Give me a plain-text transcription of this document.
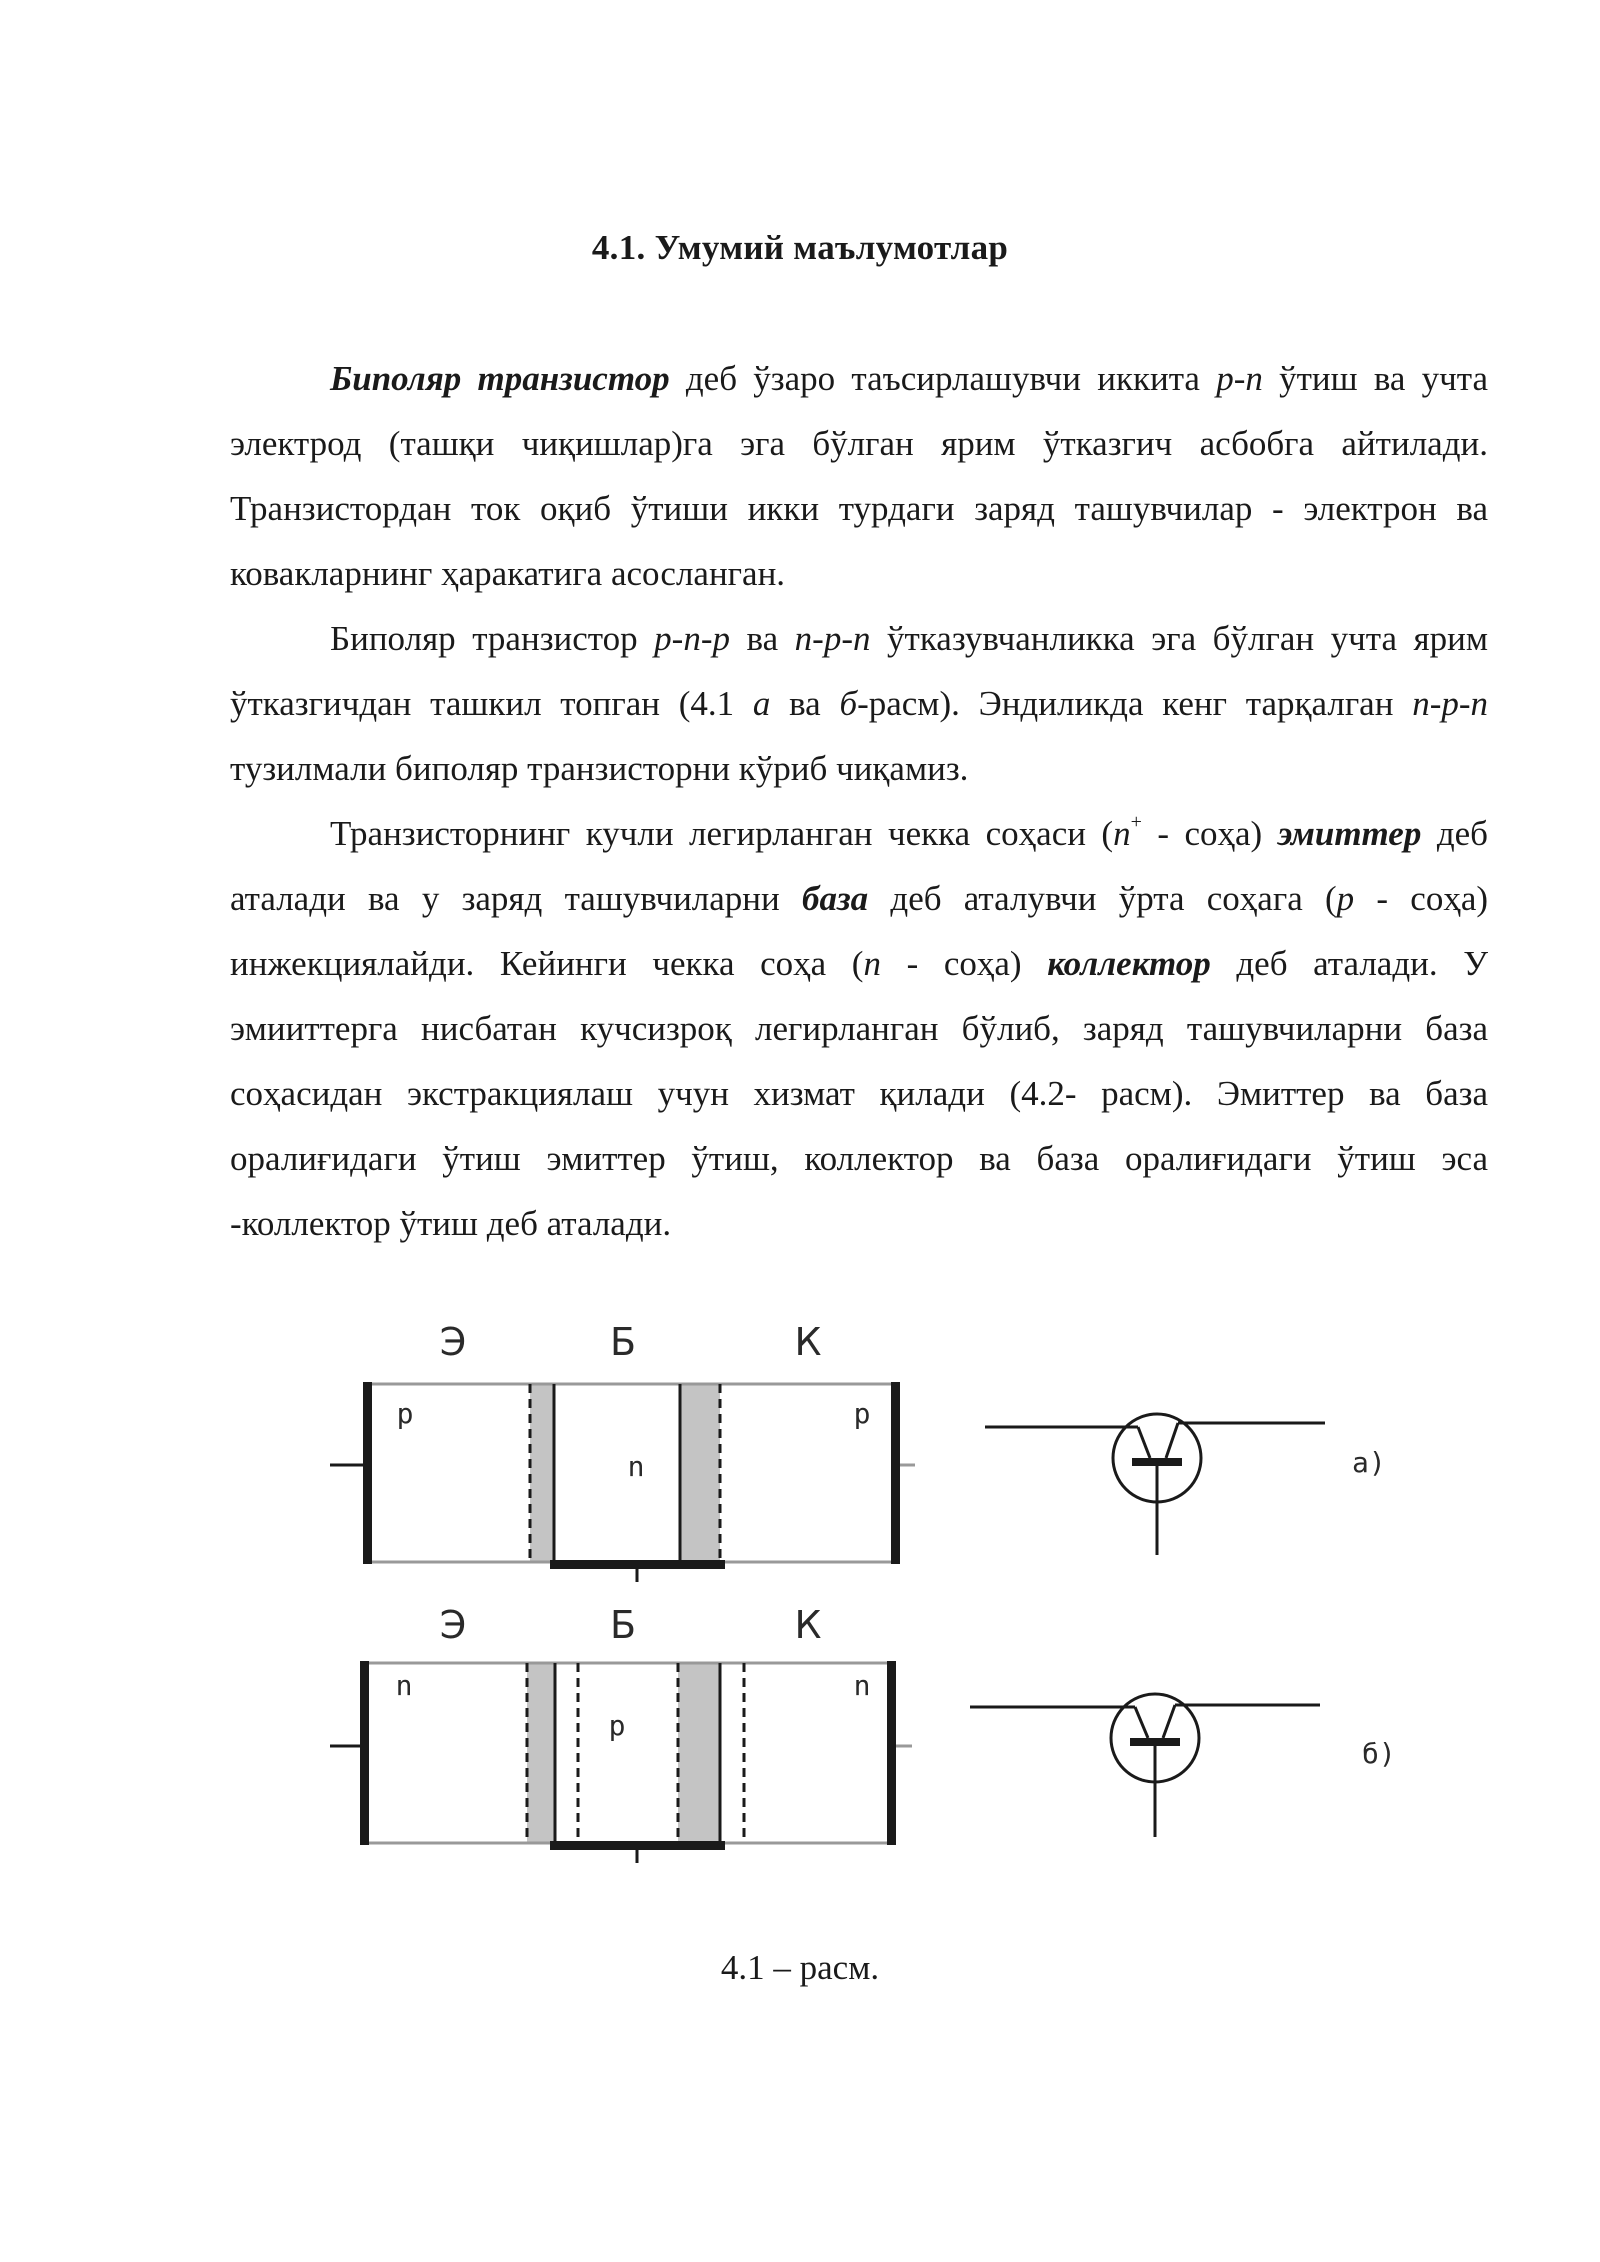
4.1. Умумий маълумотлар

Биполяр транзистор деб ўзаро таъсирлашувчи иккита p-n ўтиш ва учта электрод (ташқи чиқишлар)га эга бўлган ярим ўтказгич асбобга айтилади. Транзистордан ток оқиб ўтиши икки турдаги заряд ташувчилар - электрон ва ковакларнинг ҳаракатига асосланган.

Биполяр транзистор p-n-p ва n-p-n ўтказувчанликка эга бўлган учта ярим ўтказгичдан ташкил топган (4.1 а ва б-расм). Эндиликда кенг тарқалган n-p-n тузилмали биполяр транзисторни кўриб чиқамиз.

Транзисторнинг кучли легирланган чекка соҳаси (n+ - соҳа) эмиттер деб аталади ва у заряд ташувчиларни база деб аталувчи ўрта соҳага (p - соҳа) инжекциялайди. Кейинги чекка соҳа (n - соҳа) коллектор деб аталади. У эмииттерга нисбатан кучсизроқ легирланган бўлиб, заряд ташувчиларни база соҳасидан экстракциялаш учун хизмат қилади (4.2- расм). Эмиттер ва база оралиғидаги ўтиш эмиттер ўтиш, коллектор ва база оралиғидаги ўтиш эса -коллектор ўтиш деб аталади.

Э	Б	К
p
n
p
а)
Э	Б	К
n
p
n
б)
4.1 – расм.
